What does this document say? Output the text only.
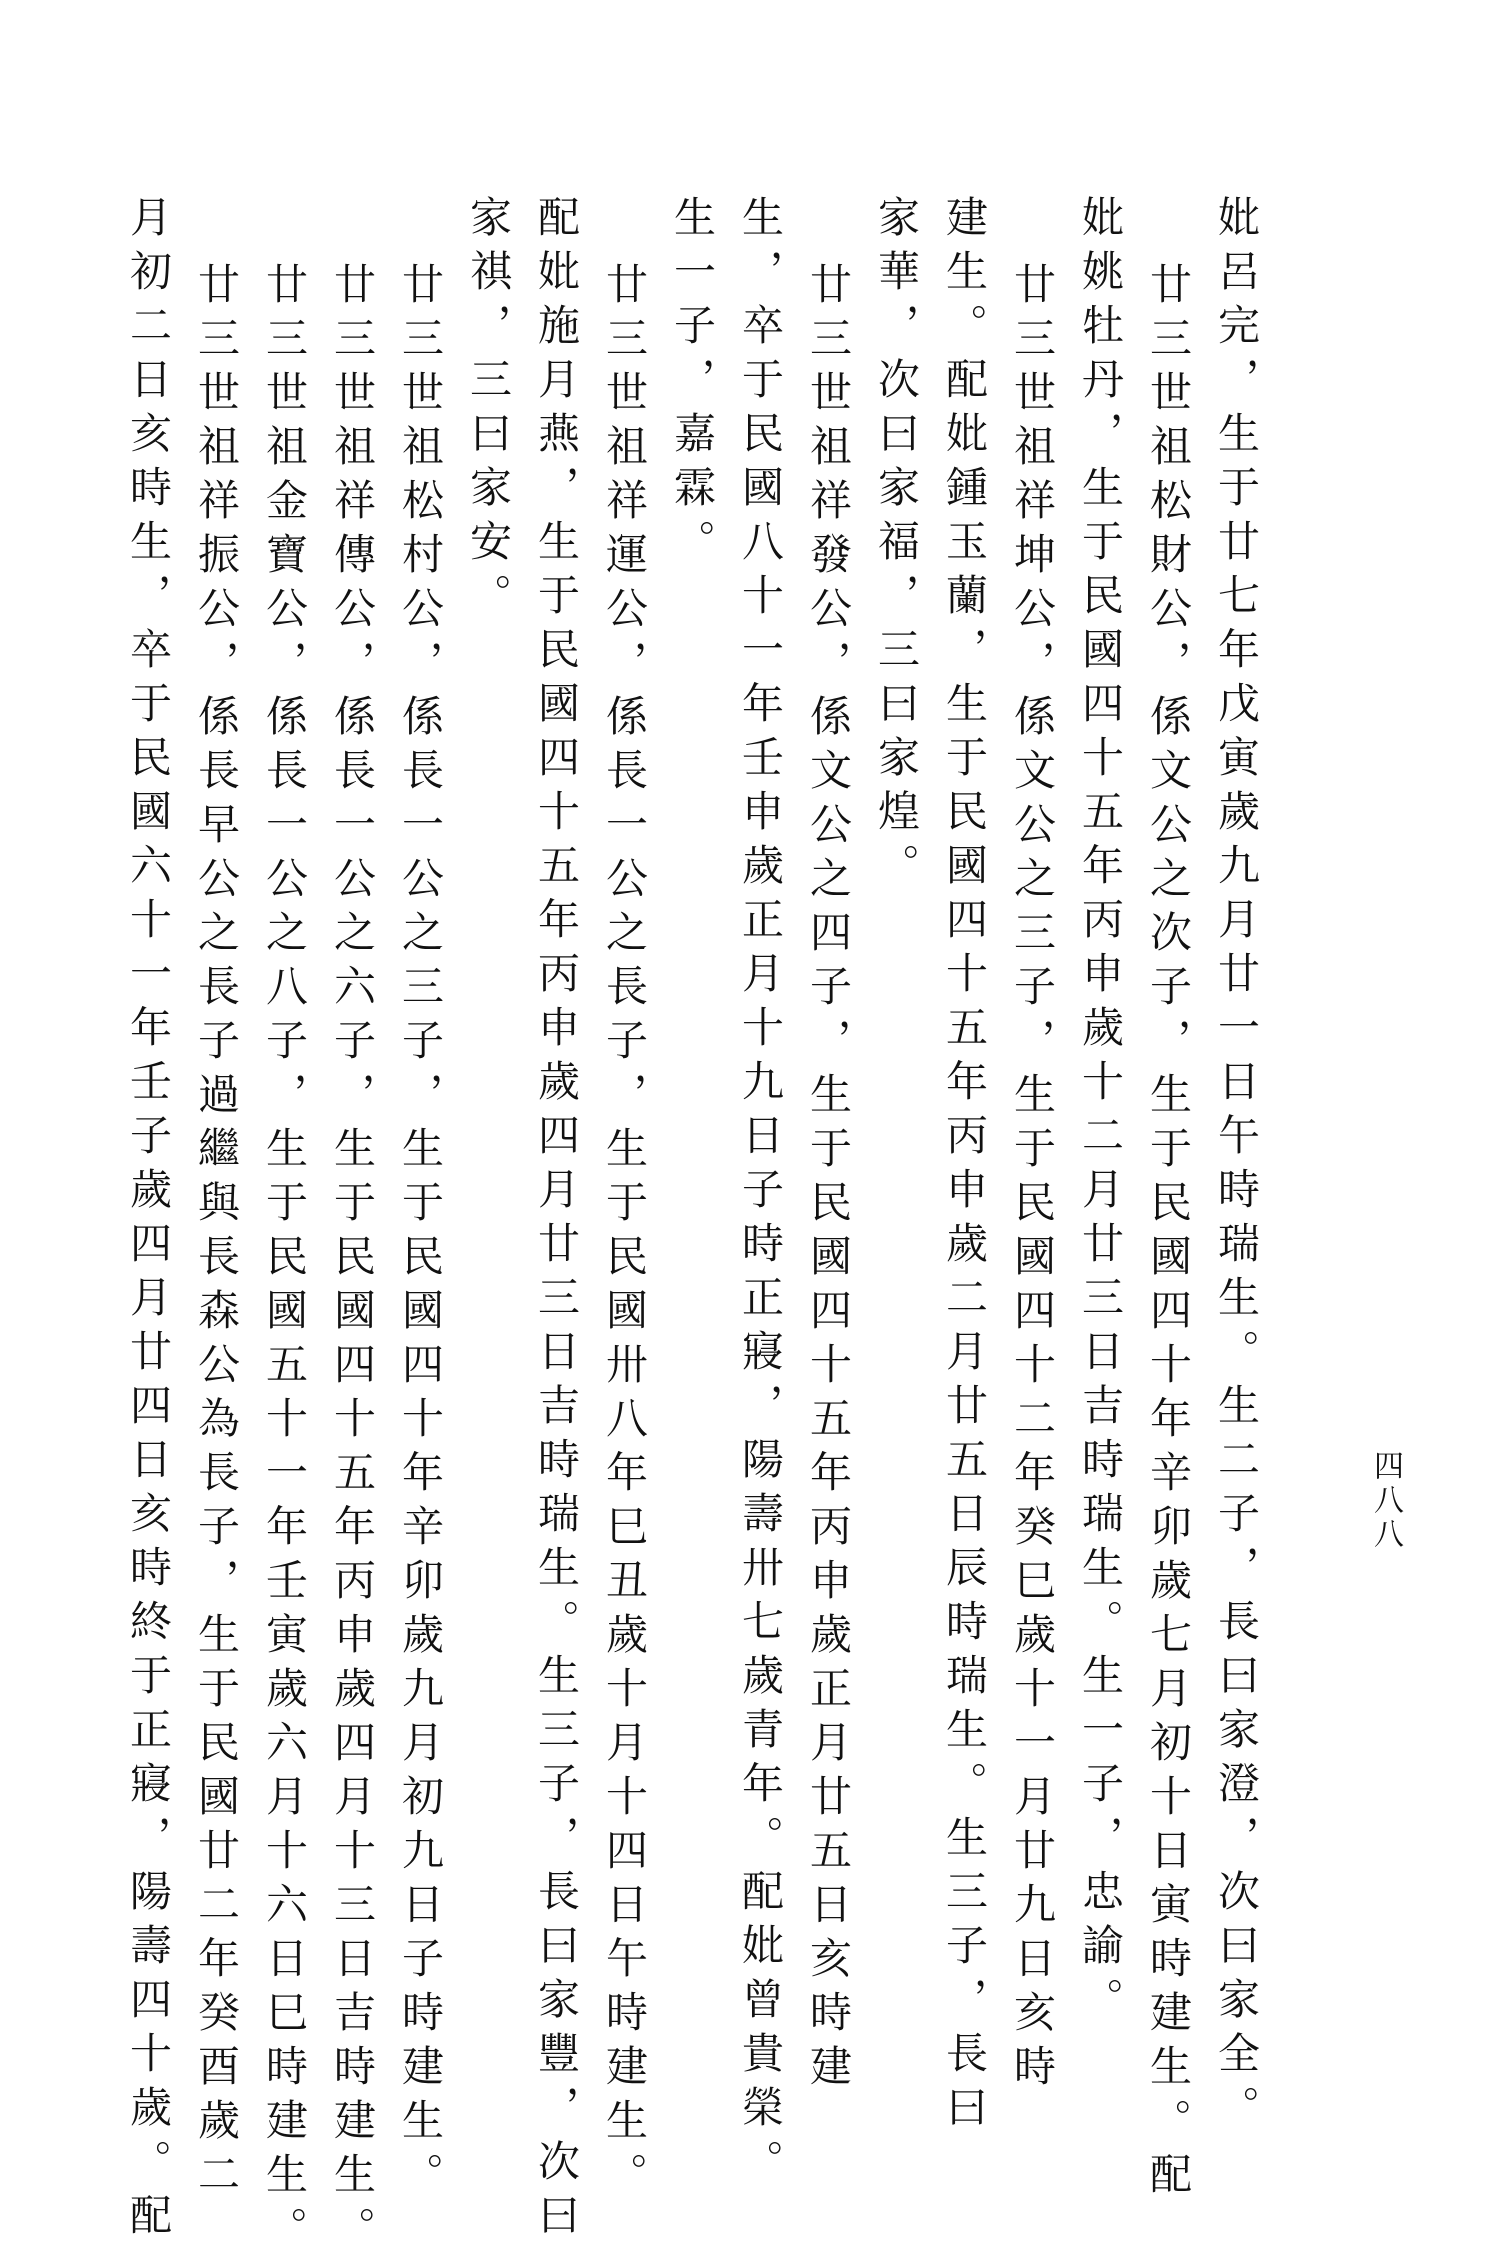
四八八
妣呂完，生于廿七年戊寅歲九月廿一日午時瑞生。生二子，長曰家澄，次曰家全。
廿三世祖松財公，係文公之次子，生于民國四十年辛卯歲七月初十日寅時建生。配
妣姚牡丹，生于民國四十五年丙申歲十二月廿三日吉時瑞生。生一子，忠諭。
廿三世祖祥坤公，係文公之三子，生于民國四十二年癸巳歲十一月廿九日亥時
建生。配妣鍾玉蘭，生于民國四十五年丙申歲二月廿五日辰時瑞生。生三子，長曰
家華，次曰家福，三曰家煌。
廿三世祖祥發公，係文公之四子，生于民國四十五年丙申歲正月廿五日亥時建
生，卒于民國八十一年壬申歲正月十九日子時正寢，陽壽卅七歲青年。配妣曾貴榮。
生一子，嘉霖。
廿三世祖祥運公，係長一公之長子，生于民國卅八年巳丑歲十月十四日午時建生。
配妣施月燕，生于民國四十五年丙申歲四月廿三日吉時瑞生。生三子，長曰家豐，次曰
家祺，三曰家安。
廿三世祖松村公，係長一公之三子，生于民國四十年辛卯歲九月初九日子時建生。
廿三世祖祥傳公，係長一公之六子，生于民國四十五年丙申歲四月十三日吉時建生。
廿三世祖金寶公，係長一公之八子，生于民國五十一年壬寅歲六月十六日巳時建生。
廿三世祖祥振公，係長早公之長子過繼與長森公為長子，生于民國廿二年癸酉歲二
月初二日亥時生，卒于民國六十一年壬子歲四月廿四日亥時終于正寢，陽壽四十歲。配
